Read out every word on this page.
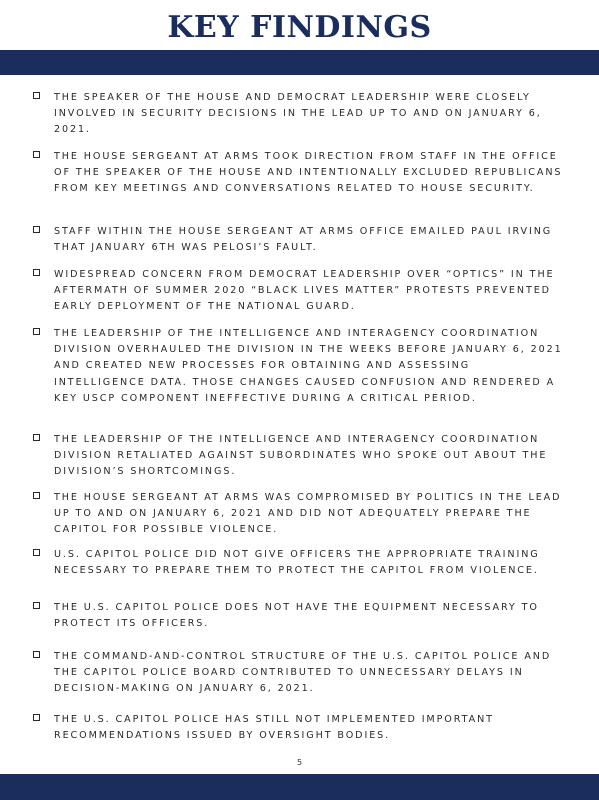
KEY FINDINGS

THE SPEAKER OF THE HOUSE AND DEMOCRAT LEADERSHIP WERE CLOSELY INVOLVED IN SECURITY DECISIONS IN THE LEAD UP TO AND ON JANUARY 6, 2021.

THE HOUSE SERGEANT AT ARMS TOOK DIRECTION FROM STAFF IN THE OFFICE OF THE SPEAKER OF THE HOUSE AND INTENTIONALLY EXCLUDED REPUBLICANS FROM KEY MEETINGS AND CONVERSATIONS RELATED TO HOUSE SECURITY.

STAFF WITHIN THE HOUSE SERGEANT AT ARMS OFFICE EMAILED PAUL IRVING THAT JANUARY 6TH WAS PELOSI’S FAULT.

WIDESPREAD CONCERN FROM DEMOCRAT LEADERSHIP OVER “OPTICS” IN THE AFTERMATH OF SUMMER 2020 “BLACK LIVES MATTER” PROTESTS PREVENTED EARLY DEPLOYMENT OF THE NATIONAL GUARD.

THE LEADERSHIP OF THE INTELLIGENCE AND INTERAGENCY COORDINATION DIVISION OVERHAULED THE DIVISION IN THE WEEKS BEFORE JANUARY 6, 2021 AND CREATED NEW PROCESSES FOR OBTAINING AND ASSESSING INTELLIGENCE DATA. THOSE CHANGES CAUSED CONFUSION AND RENDERED A KEY USCP COMPONENT INEFFECTIVE DURING A CRITICAL PERIOD.

THE LEADERSHIP OF THE INTELLIGENCE AND INTERAGENCY COORDINATION DIVISION RETALIATED AGAINST SUBORDINATES WHO SPOKE OUT ABOUT THE DIVISION’S SHORTCOMINGS.

THE HOUSE SERGEANT AT ARMS WAS COMPROMISED BY POLITICS IN THE LEAD UP TO AND ON JANUARY 6, 2021 AND DID NOT ADEQUATELY PREPARE THE CAPITOL FOR POSSIBLE VIOLENCE.

U.S. CAPITOL POLICE DID NOT GIVE OFFICERS THE APPROPRIATE TRAINING NECESSARY TO PREPARE THEM TO PROTECT THE CAPITOL FROM VIOLENCE.

THE U.S. CAPITOL POLICE DOES NOT HAVE THE EQUIPMENT NECESSARY TO PROTECT ITS OFFICERS.

THE COMMAND-AND-CONTROL STRUCTURE OF THE U.S. CAPITOL POLICE AND THE CAPITOL POLICE BOARD CONTRIBUTED TO UNNECESSARY DELAYS IN DECISION-MAKING ON JANUARY 6, 2021.

THE U.S. CAPITOL POLICE HAS STILL NOT IMPLEMENTED IMPORTANT RECOMMENDATIONS ISSUED BY OVERSIGHT BODIES.

5
